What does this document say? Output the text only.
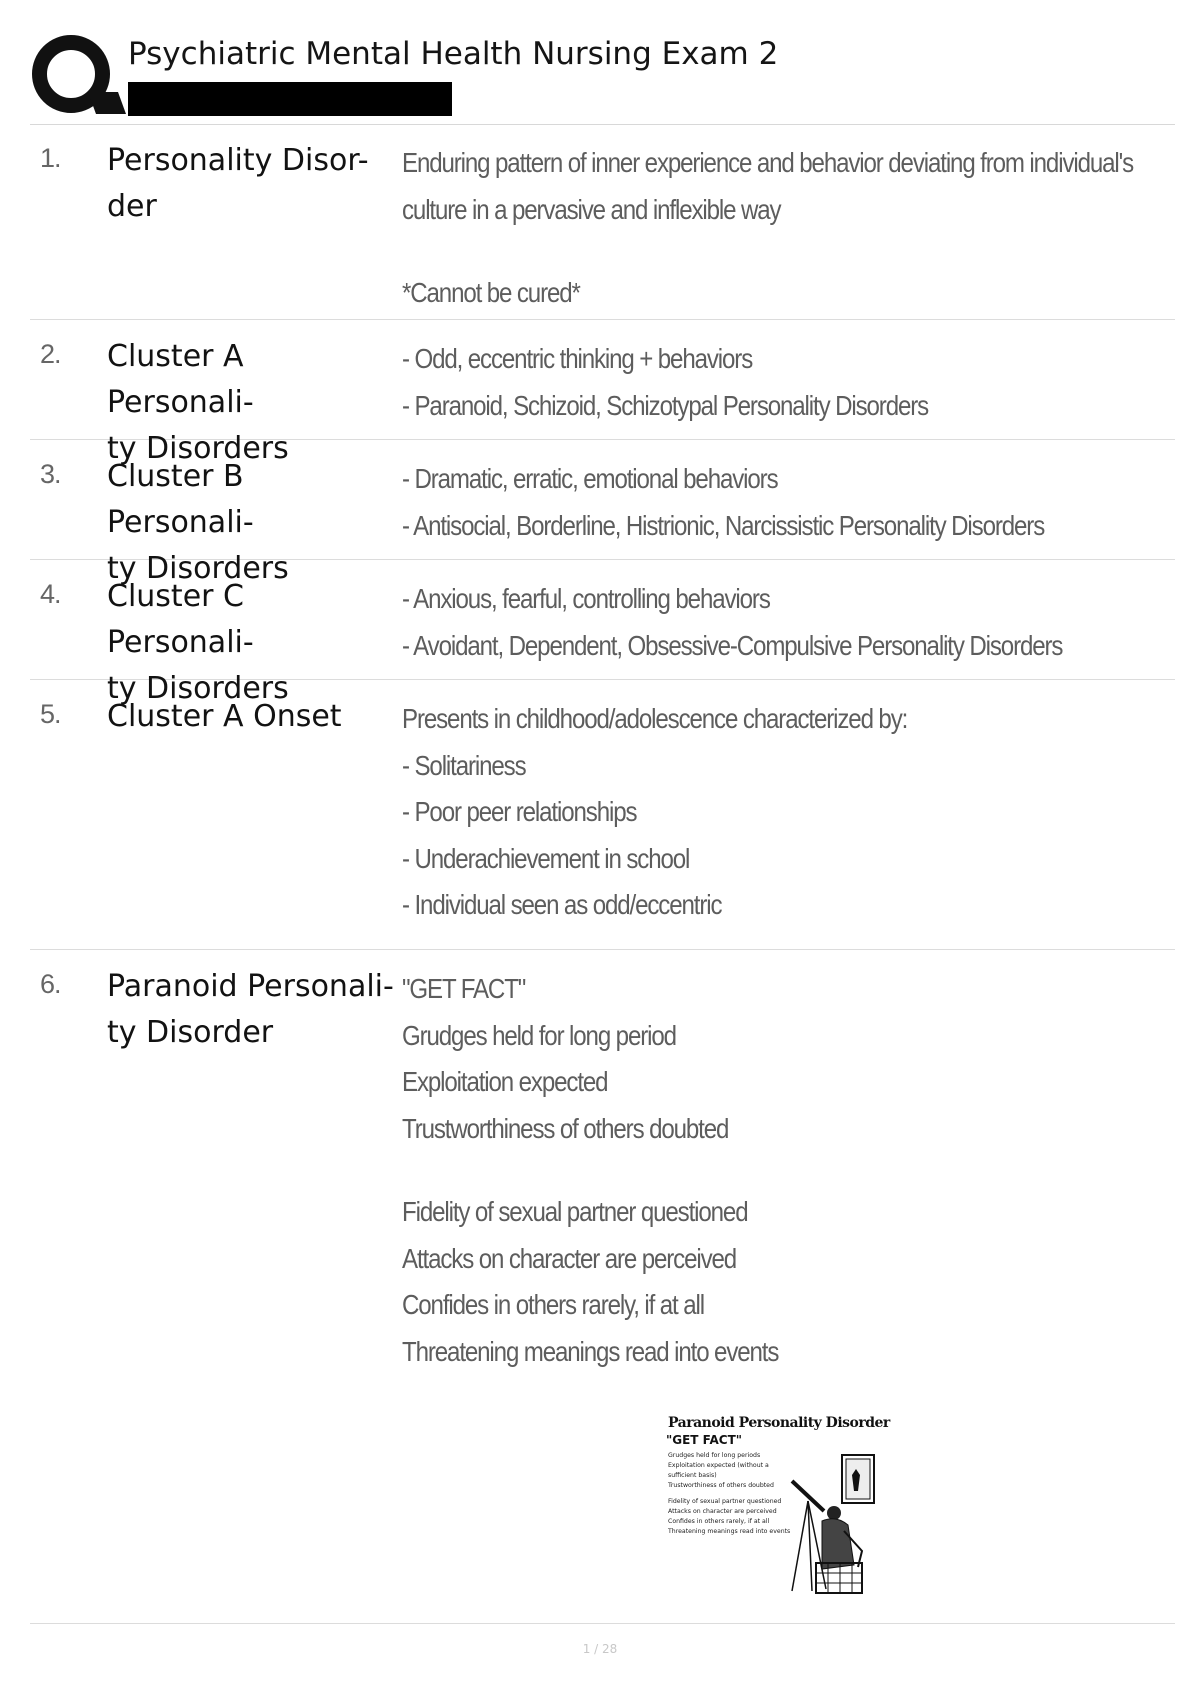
Psychiatric Mental Health Nursing Exam 2
1. Personality Disor-
der
Enduring pattern of inner experience and behavior deviating from individual's
culture in a pervasive and inflexible way
*Cannot be cured*
2. Cluster A Personali-
ty Disorders
- Odd, eccentric thinking + behaviors
- Paranoid, Schizoid, Schizotypal Personality Disorders
3. Cluster B Personali-
ty Disorders
- Dramatic, erratic, emotional behaviors
- Antisocial, Borderline, Histrionic, Narcissistic Personality Disorders
4. Cluster C Personali-
ty Disorders
- Anxious, fearful, controlling behaviors
- Avoidant, Dependent, Obsessive-Compulsive Personality Disorders
5. Cluster A Onset	Presents in childhood/adolescence characterized by:
- Solitariness
- Poor peer relationships
- Underachievement in school
- Individual seen as odd/eccentric
6. Paranoid Personali-
ty Disorder
"GET FACT"
Grudges held for long period
Exploitation expected
Trustworthiness of others doubted
Fidelity of sexual partner questioned
Attacks on character are perceived
Confides in others rarely, if at all
Threatening meanings read into events
Paranoid Personality Disorder
"GET FACT"
Grudges held for long periods
Exploitation expected (without a sufficient basis)
Trustworthiness of others doubted
Fidelity of sexual partner questioned
Attacks on character are perceived
Confides in others rarely, if at all
Threatening meanings read into events
1 / 28
